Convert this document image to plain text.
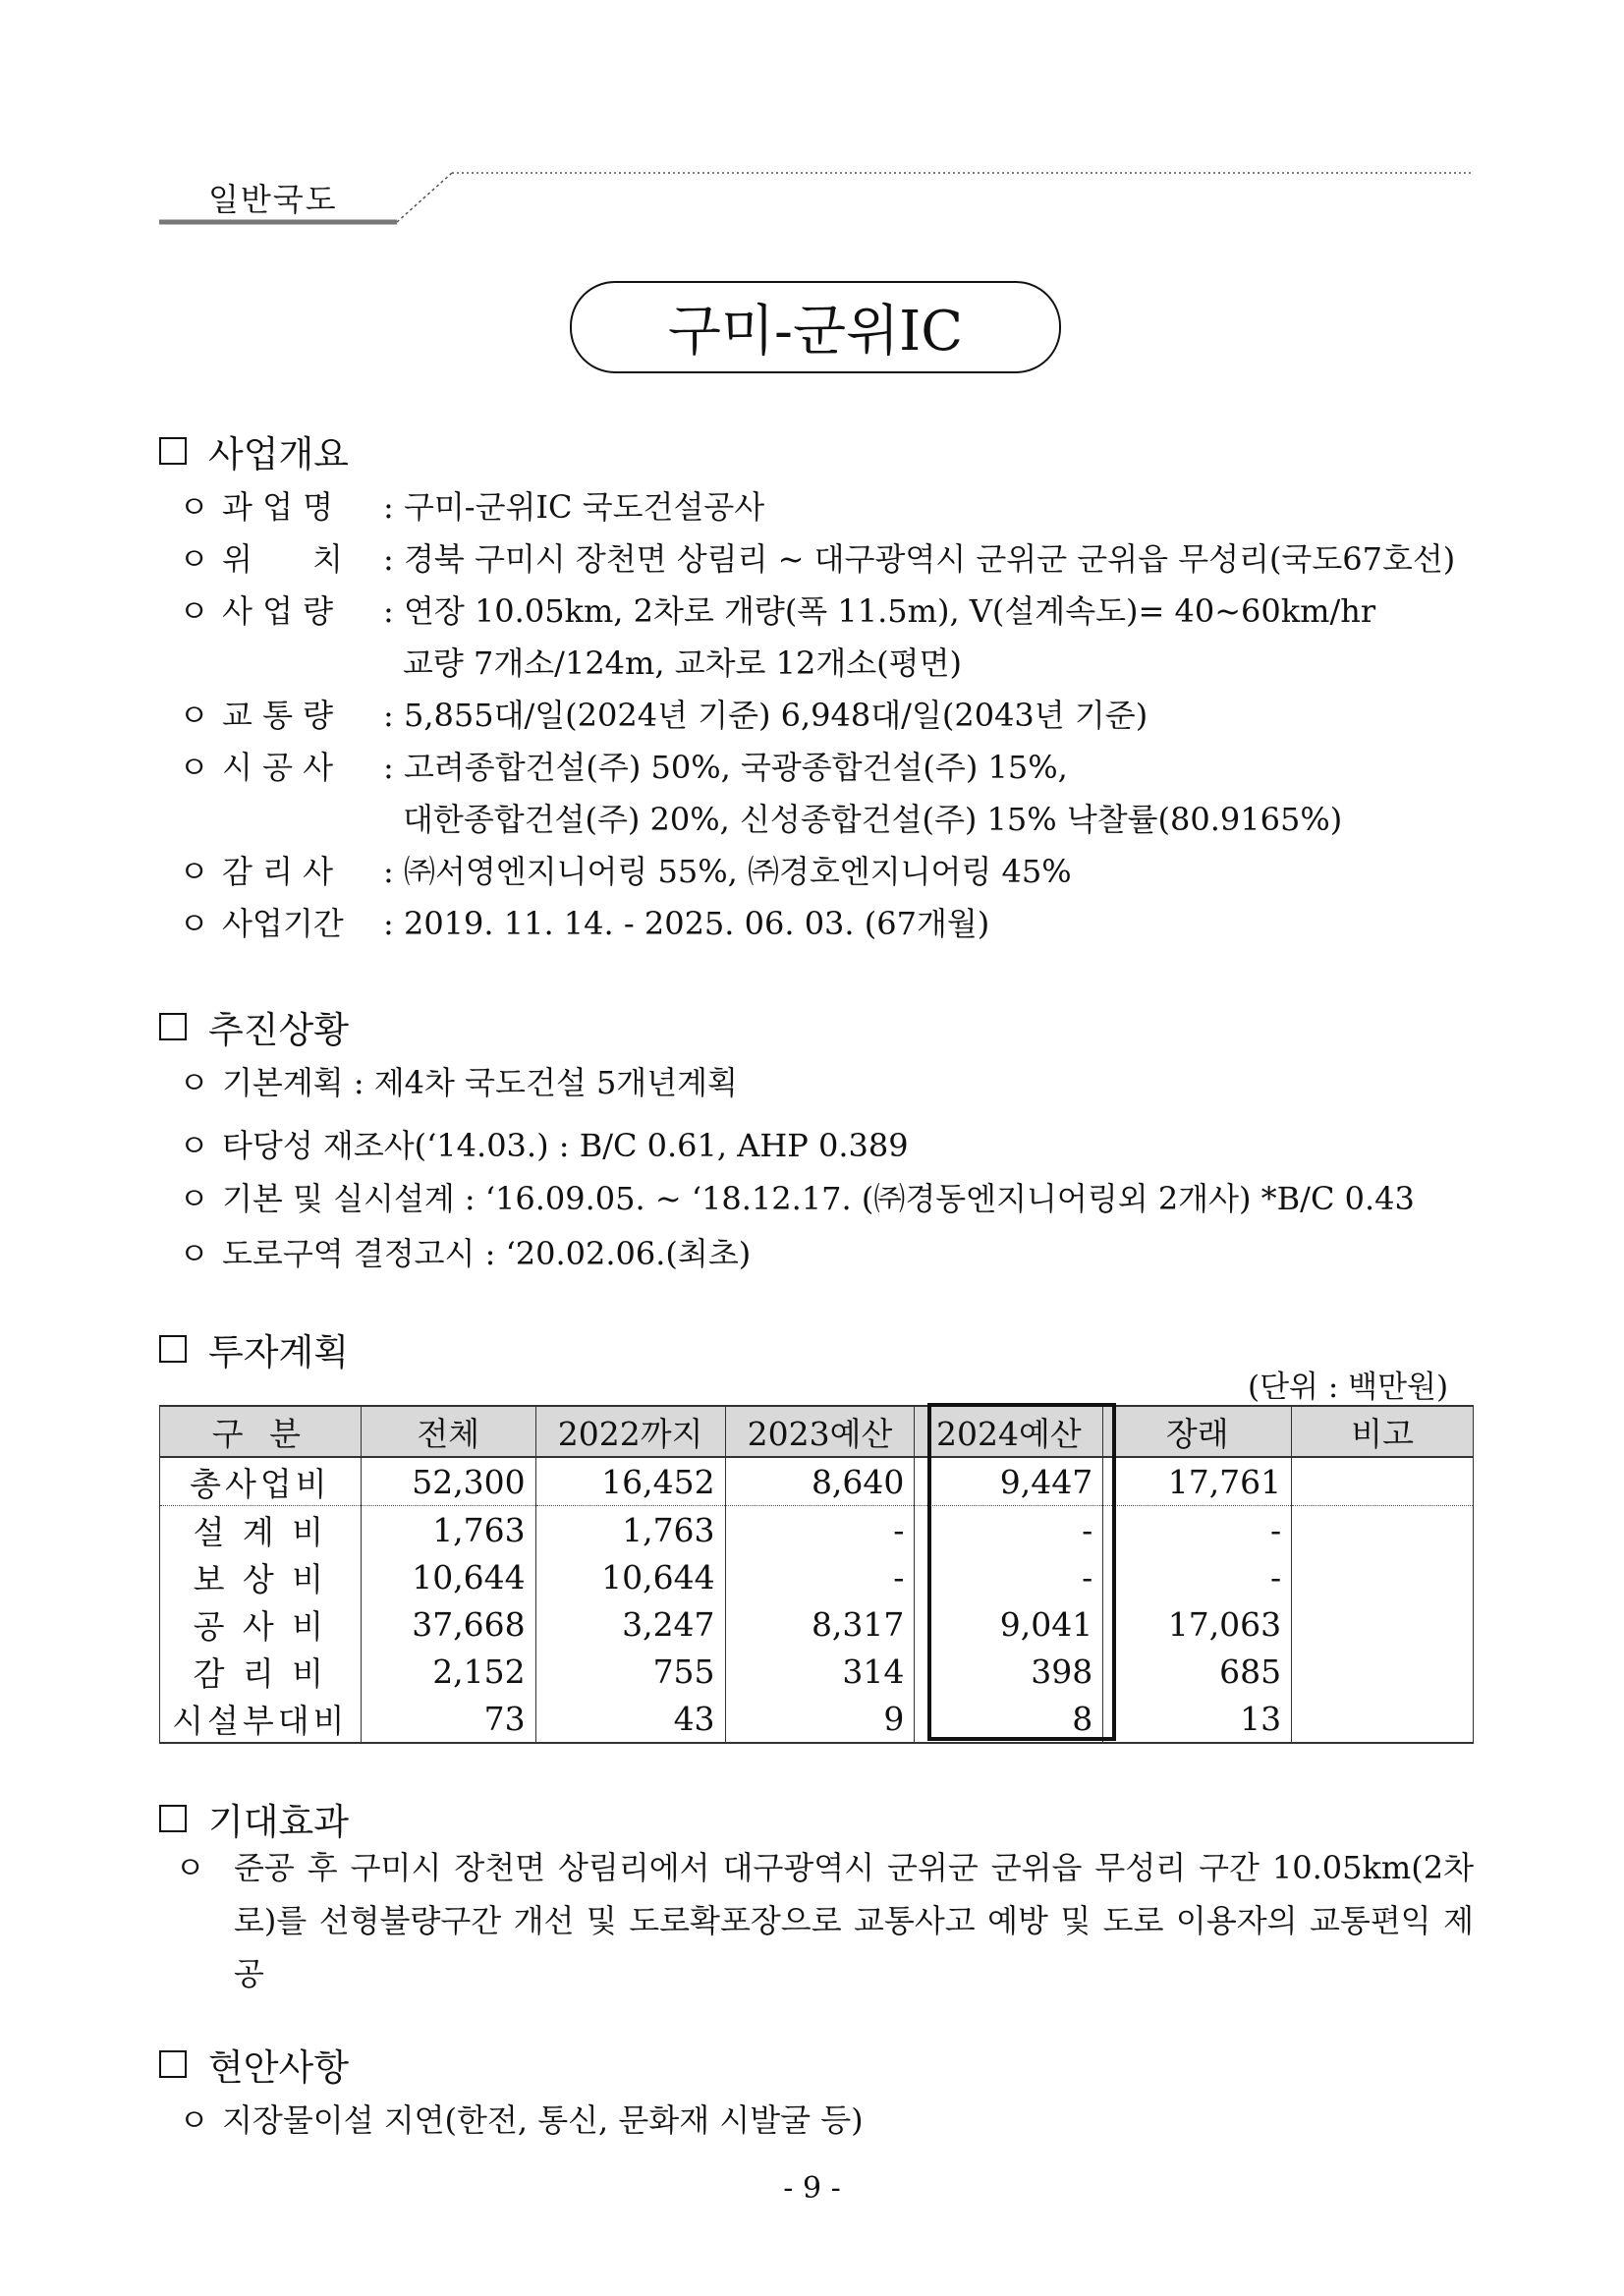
일반국도
구미-군위IC
사업개요
ㅇ 과 업 명 : 구미-군위IC 국도건설공사
ㅇ 위      치 : 경북 구미시 장천면 상림리 ~ 대구광역시 군위군 군위읍 무성리(국도67호선)
ㅇ 사 업 량 : 연장 10.05km, 2차로 개량(폭 11.5m), V(설계속도)= 40~60km/hr
교량 7개소/124m, 교차로 12개소(평면)
ㅇ 교 통 량 : 5,855대/일(2024년 기준) 6,948대/일(2043년 기준)
ㅇ 시 공 사 : 고려종합건설(주) 50%, 국광종합건설(주) 15%,
대한종합건설(주) 20%, 신성종합건설(주) 15% 낙찰률(80.9165%)
ㅇ 감 리 사 : ㈜서영엔지니어링 55%, ㈜경호엔지니어링 45%
ㅇ 사업기간 : 2019. 11. 14. - 2025. 06. 03. (67개월)
추진상황
ㅇ 기본계획 : 제4차 국도건설 5개년계획
ㅇ 타당성 재조사(‘14.03.) : B/C 0.61, AHP 0.389
ㅇ 기본 및 실시설계 : ‘16.09.05. ~ ‘18.12.17. (㈜경동엔지니어링외 2개사) *B/C 0.43
ㅇ 도로구역 결정고시 : ‘20.02.06.(최초)
투자계획
(단위 : 백만원)
구 분	전체	2022까지	2023예산	2024예산	장래	비고
총사업비	52,300	16,452	8,640	9,447	17,761	
설 계 비	1,763	1,763	-	-	-	
보 상 비	10,644	10,644	-	-	-	
공 사 비	37,668	3,247	8,317	9,041	17,063	
감 리 비	2,152	755	314	398	685	
시설부대비	73	43	9	8	13	
기대효과
ㅇ 준공 후 구미시 장천면 상림리에서 대구광역시 군위군 군위읍 무성리 구간 10.05km(2차로)를 선형불량구간 개선 및 도로확포장으로 교통사고 예방 및 도로 이용자의 교통편익 제공
현안사항
ㅇ 지장물이설 지연(한전, 통신, 문화재 시발굴 등)
- 9 -
